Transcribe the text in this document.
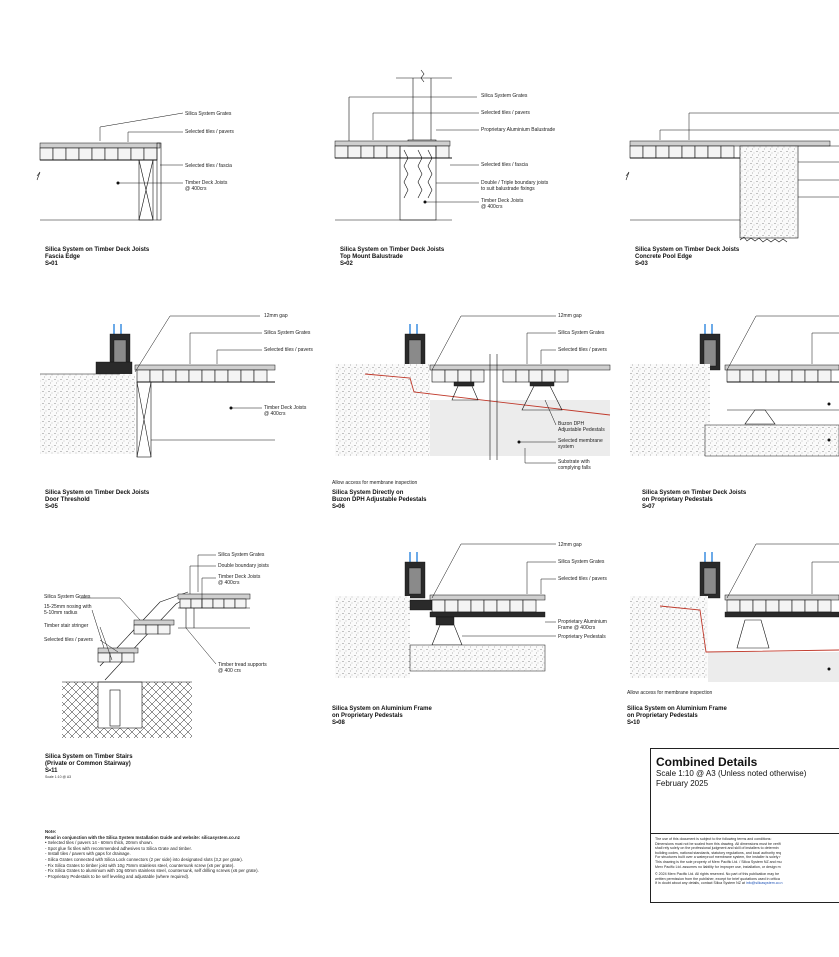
Silica System Grates
Selected tiles / pavers
Selected tiles / fascia
Timber Deck Joists
@ 400crs
Silica System on Timber Deck Joists
Fascia Edge
S•01
Silica System Grates
Selected tiles / pavers
Proprietary Aluminium Balustrade
Selected tiles / fascia
Double / Triple boundary joists
to suit balustrade fixings
Timber Deck Joists
@ 400crs
Silica System on Timber Deck Joists
Top Mount Balustrade
S•02
Silica System on Timber Deck Joists
Concrete Pool Edge
S•03
12mm gap
Silica System Grates
Selected tiles / pavers
Timber Deck Joists
@ 400crs
Silica System on Timber Deck Joists
Door Threshold
S•05
12mm gap
Silica System Grates
Selected tiles / pavers
Buzon DPH
Adjustable Pedestals
Selected membrane
system
Substrate with
complying falls
Allow access for membrane inspection
Silica System Directly on
Buzon DPH Adjustable Pedestals
S•06
Silica System on Timber Deck Joists
on Proprietary Pedestals
S•07
Silica System Grates
Double boundary joists
Timber Deck Joists
@ 400crs
Silica System Grates
15-25mm nosing with
5-10mm radius
Timber stair stringer
Selected tiles / pavers
Timber tread supports
@ 400 crs
Silica System on Timber Stairs
(Private or Common Stairway)
S•11
Scale 1:10 @ A3
12mm gap
Silica System Grates
Selected tiles / pavers
Proprietary Aluminium
Frame @ 400crs
Proprietary Pedestals
Silica System on Aluminium Frame
on Proprietary Pedestals
S•08
Allow access for membrane inspection
Silica System on Aluminium Frame
on Proprietary Pedestals
S•10
Note:
Read in conjunction with the Silica System Installation Guide and website: silicasystem.co.nz
• Selected tiles / pavers 14 - 60mm thick, 20mm shown.
- Spot glue fix tiles with recommended adhesives to Silica Grate and timber.
- Install tiles / pavers with gaps for drainage.
- Silica Grates connected with Silica Lock connectors (2 per side) into designated slots (3,2 per grate).
- Fix Silica Grates to timber joist with 10g 75mm stainless steel, countersunk screw (x6 per grate).
- Fix Silica Grates to aluminium with 10g 60mm stainless steel, countersunk, self drilling screws (x6 per grate).
- Proprietary Pedestals to be self leveling and adjustable (where required).
Combined Details
Scale 1:10 @ A3 (Unless noted otherwise)
February 2025
The use of this document is subject to the following terms and conditions:
Dimensions must not be scaled from this drawing. All dimensions must be verifi
shall rely solely on the professional judgment and skill of installers to determin
building codes, national standards, statutory regulations, and local authority req
For structures built over a waterproof membrane system, the installer is solely r
This drawing is the sole property of Merx Pacific Ltd. / Silica System NZ and mu
Merx Pacific Ltd. assumes no liability for improper use, installation, or design m
© 2024 Merx Pacific Ltd. All rights reserved. No part of this publication may be
written permission from the publisher, except for brief quotations used in critica
If in doubt about any details, contact Silica System NZ at info@silicasystem.co.n
